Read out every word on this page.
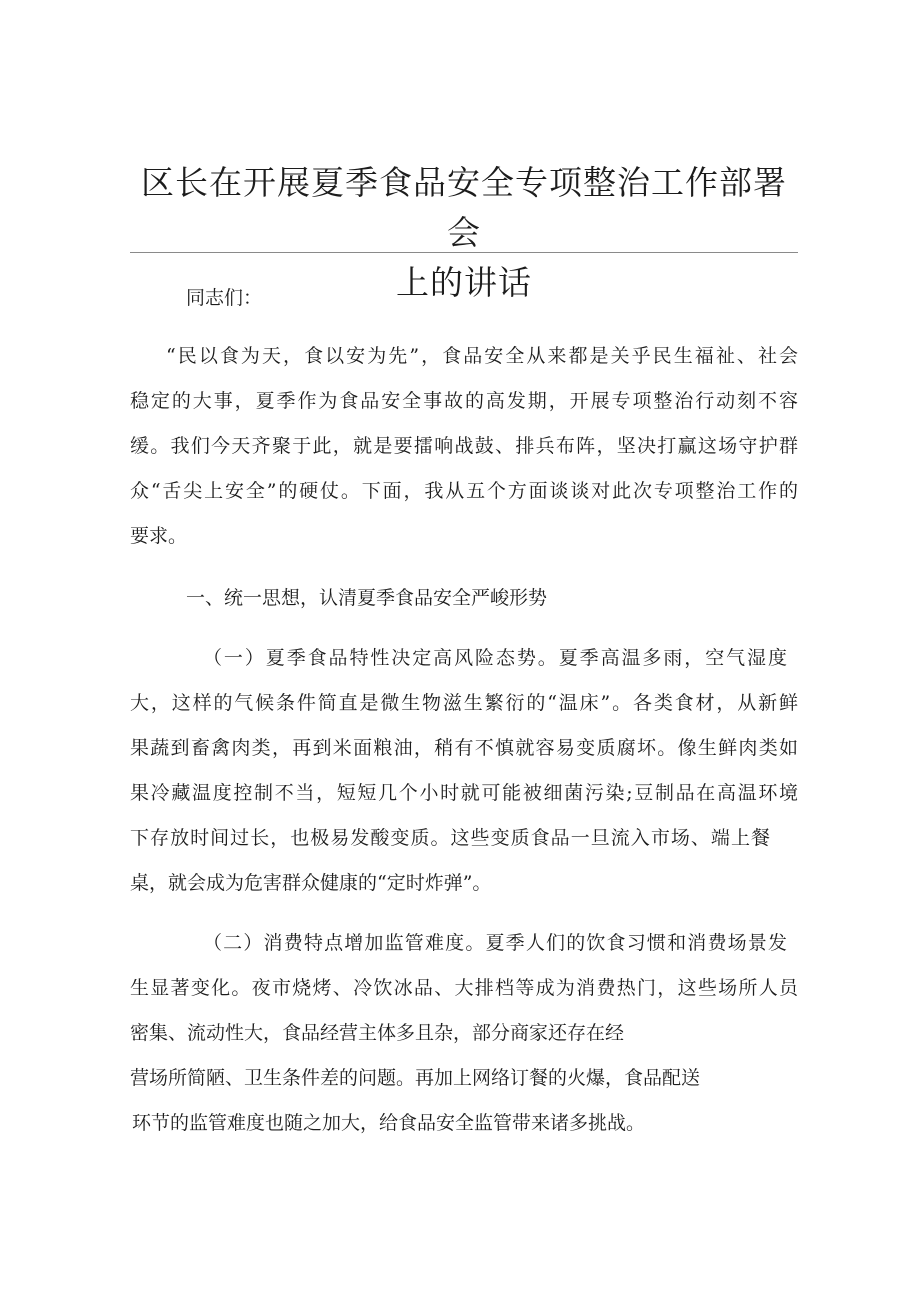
区长在开展夏季食品安全专项整治工作部署会
上的讲话
同志们：
“民以食为天，食以安为先”，食品安全从来都是关乎民生福祉、社会
稳定的大事，夏季作为食品安全事故的高发期，开展专项整治行动刻不容
缓。我们今天齐聚于此，就是要擂响战鼓、排兵布阵，坚决打赢这场守护群
众“舌尖上安全”的硬仗。下面，我从五个方面谈谈对此次专项整治工作的
要求。
一、统一思想，认清夏季食品安全严峻形势
（一）夏季食品特性决定高风险态势。夏季高温多雨，空气湿度
大，这样的气候条件简直是微生物滋生繁衍的“温床”。各类食材，从新鲜
果蔬到畜禽肉类，再到米面粮油，稍有不慎就容易变质腐坏。像生鲜肉类如
果冷藏温度控制不当，短短几个小时就可能被细菌污染;豆制品在高温环境
下存放时间过长，也极易发酸变质。这些变质食品一旦流入市场、端上餐
桌，就会成为危害群众健康的“定时炸弹”。
（二）消费特点增加监管难度。夏季人们的饮食习惯和消费场景发
生显著变化。夜市烧烤、冷饮冰品、大排档等成为消费热门，这些场所人员
密集、流动性大，食品经营主体多且杂，部分商家还存在经
营场所简陋、卫生条件差的问题。再加上网络订餐的火爆，食品配送
环节的监管难度也随之加大，给食品安全监管带来诸多挑战。
